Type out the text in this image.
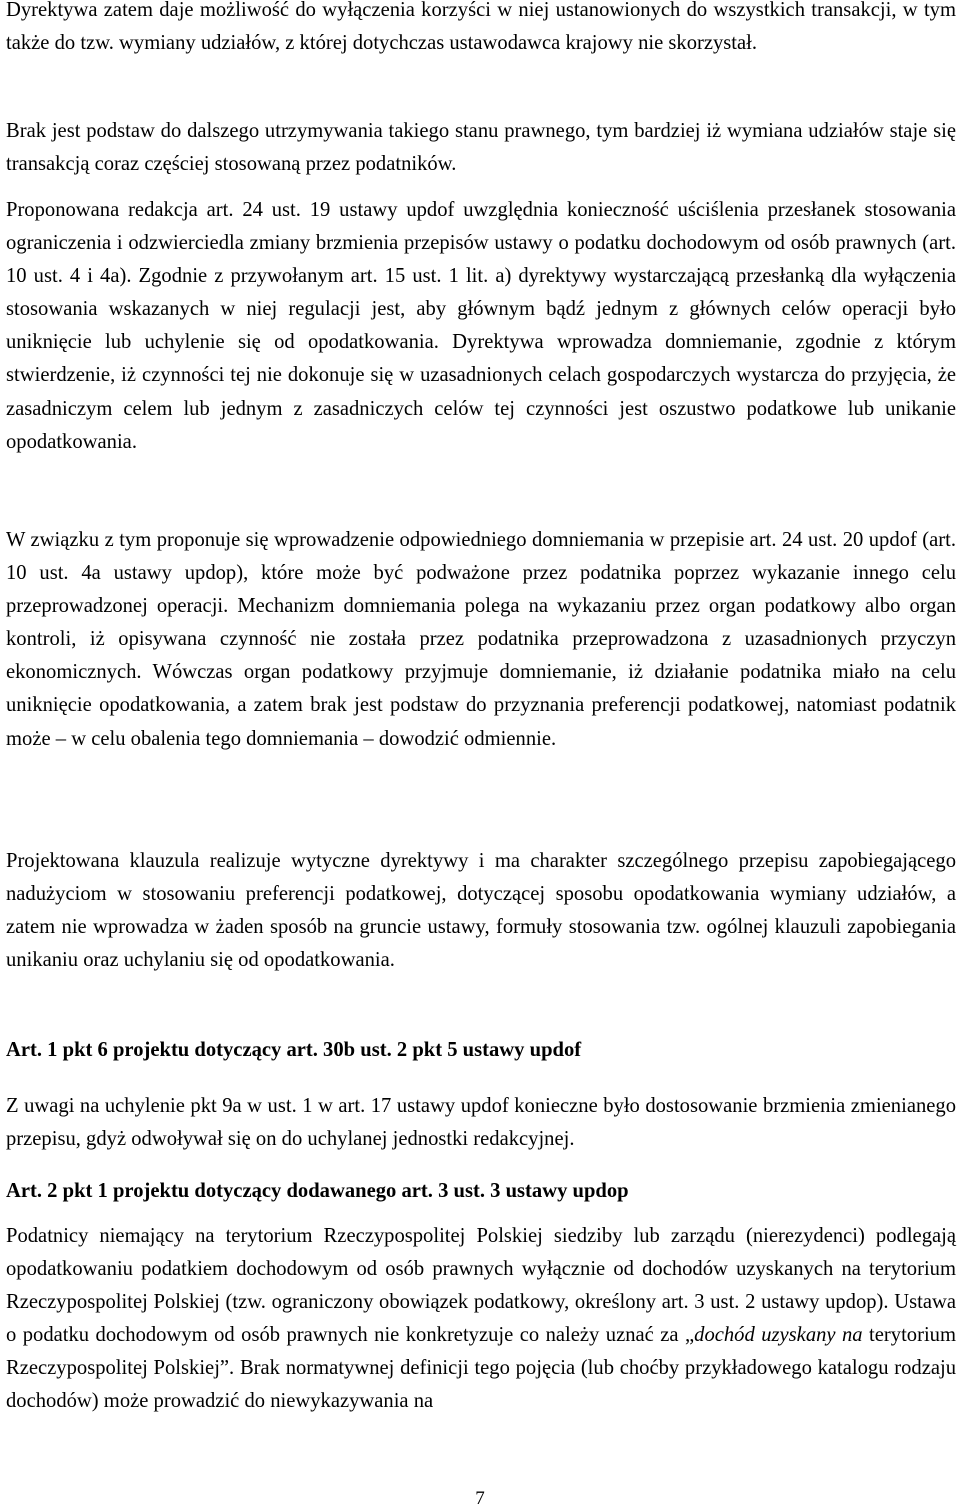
Dyrektywa zatem daje możliwość do wyłączenia korzyści w niej ustanowionych do wszystkich transakcji, w tym także do tzw. wymiany udziałów, z której dotychczas ustawodawca krajowy nie skorzystał.

Brak jest podstaw do dalszego utrzymywania takiego stanu prawnego, tym bardziej iż wymiana udziałów staje się transakcją coraz częściej stosowaną przez podatników.

Proponowana redakcja art. 24 ust. 19 ustawy updof uwzględnia konieczność uściślenia przesłanek stosowania ograniczenia i odzwierciedla zmiany brzmienia przepisów ustawy o podatku dochodowym od osób prawnych (art. 10 ust. 4 i 4a). Zgodnie z przywołanym art. 15 ust. 1 lit. a) dyrektywy wystarczającą przesłanką dla wyłączenia stosowania wskazanych w niej regulacji jest, aby głównym bądź jednym z głównych celów operacji było uniknięcie lub uchylenie się od opodatkowania. Dyrektywa wprowadza domniemanie, zgodnie z którym stwierdzenie, iż czynności tej nie dokonuje się w uzasadnionych celach gospodarczych wystarcza do przyjęcia, że zasadniczym celem lub jednym z zasadniczych celów tej czynności jest oszustwo podatkowe lub unikanie opodatkowania.

W związku z tym proponuje się wprowadzenie odpowiedniego domniemania w przepisie art. 24 ust. 20 updof (art. 10 ust. 4a ustawy updop), które może być podważone przez podatnika poprzez wykazanie innego celu przeprowadzonej operacji. Mechanizm domniemania polega na wykazaniu przez organ podatkowy albo organ kontroli, iż opisywana czynność nie została przez podatnika przeprowadzona z uzasadnionych przyczyn ekonomicznych. Wówczas organ podatkowy przyjmuje domniemanie, iż działanie podatnika miało na celu uniknięcie opodatkowania, a zatem brak jest podstaw do przyznania preferencji podatkowej, natomiast podatnik może – w celu obalenia tego domniemania – dowodzić odmiennie.

Projektowana klauzula realizuje wytyczne dyrektywy i ma charakter szczególnego przepisu zapobiegającego nadużyciom w stosowaniu preferencji podatkowej, dotyczącej sposobu opodatkowania wymiany udziałów, a zatem nie wprowadza w żaden sposób na gruncie ustawy, formuły stosowania tzw. ogólnej klauzuli zapobiegania unikaniu oraz uchylaniu się od opodatkowania.

Art. 1 pkt 6 projektu dotyczący art. 30b ust. 2 pkt 5 ustawy updof

Z uwagi na uchylenie pkt 9a w ust. 1 w art. 17 ustawy updof konieczne było dostosowanie brzmienia zmienianego przepisu, gdyż odwoływał się on do uchylanej jednostki redakcyjnej.

Art. 2 pkt 1 projektu dotyczący dodawanego art. 3 ust. 3 ustawy updop

Podatnicy niemający na terytorium Rzeczypospolitej Polskiej siedziby lub zarządu (nierezydenci) podlegają opodatkowaniu podatkiem dochodowym od osób prawnych wyłącznie od dochodów uzyskanych na terytorium Rzeczypospolitej Polskiej (tzw. ograniczony obowiązek podatkowy, określony art. 3 ust. 2 ustawy updop). Ustawa o podatku dochodowym od osób prawnych nie konkretyzuje co należy uznać za „dochód uzyskany na terytorium Rzeczypospolitej Polskiej”. Brak normatywnej definicji tego pojęcia (lub choćby przykładowego katalogu rodzaju dochodów) może prowadzić do niewykazywania na

7
